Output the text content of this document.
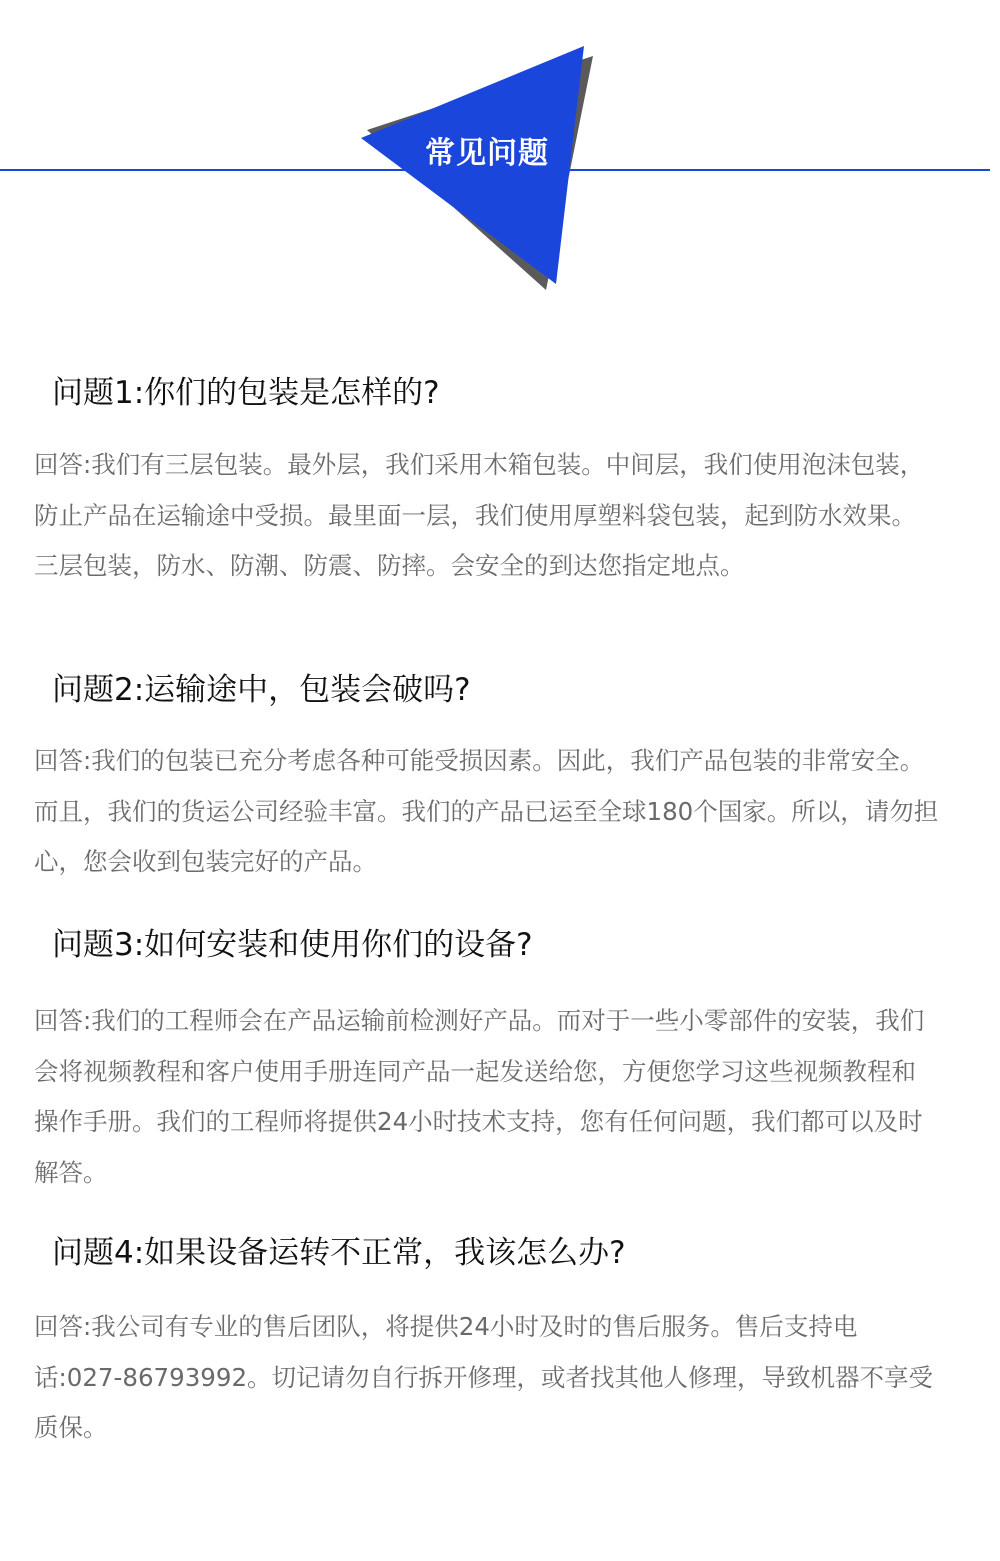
常见问题
问题1:你们的包装是怎样的?

回答:我们有三层包装。最外层，我们采用木箱包装。中间层，我们使用泡沫包装，防止产品在运输途中受损。最里面一层，我们使用厚塑料袋包装，起到防水效果。三层包装，防水、防潮、防震、防摔。会安全的到达您指定地点。

问题2:运输途中，包装会破吗?

回答:我们的包装已充分考虑各种可能受损因素。因此，我们产品包装的非常安全。而且，我们的货运公司经验丰富。我们的产品已运至全球180个国家。所以，请勿担心，您会收到包装完好的产品。

问题3:如何安装和使用你们的设备?

回答:我们的工程师会在产品运输前检测好产品。而对于一些小零部件的安装，我们会将视频教程和客户使用手册连同产品一起发送给您，方便您学习这些视频教程和操作手册。我们的工程师将提供24小时技术支持，您有任何问题，我们都可以及时解答。

问题4:如果设备运转不正常，我该怎么办?

回答:我公司有专业的售后团队，将提供24小时及时的售后服务。售后支持电话:027-86793992。切记请勿自行拆开修理，或者找其他人修理，导致机器不享受质保。
